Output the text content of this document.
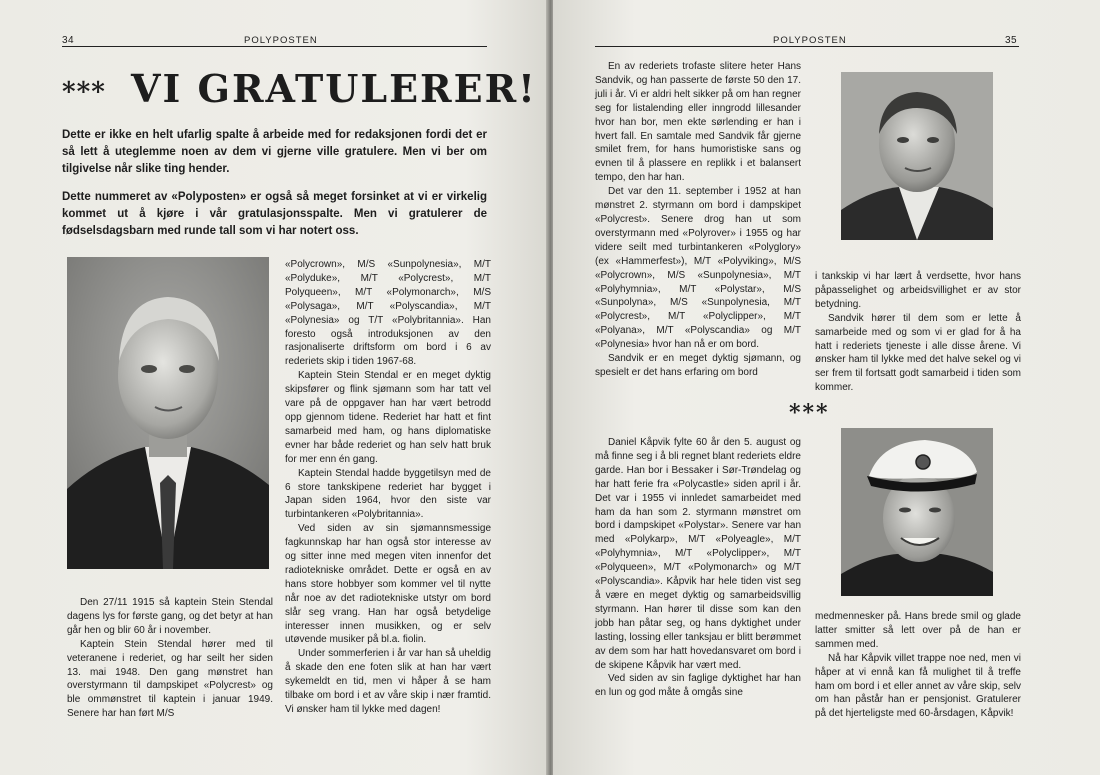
34	POLYPOSTEN
*** VI GRATULERER!

Dette er ikke en helt ufarlig spalte å arbeide med for redaksjonen fordi det er så lett å uteglemme noen av dem vi gjerne ville gratulere. Men vi ber om tilgivelse når slike ting hender.

Dette nummeret av «Polyposten» er også så meget forsinket at vi er virkelig kommet ut å kjøre i vår gratulasjonsspalte. Men vi gratulerer de fødselsdagsbarn med runde tall som vi har notert oss.

Den 27/11 1915 så kaptein Stein Stendal dagens lys for første gang, og det betyr at han går hen og blir 60 år i november.

Kaptein Stein Stendal hører med til veteranene i rederiet, og har seilt her siden 13. mai 1948. Den gang mønstret han overstyrmann til dampskipet «Polycrest» og ble ommønstret til kaptein i januar 1949. Senere har han ført M/S

«Polycrown», M/S «Sunpolynesia», M/T «Polyduke», M/T «Polycrest», M/T Polyqueen», M/T «Polymonarch», M/S «Polysaga», M/T «Polyscandia», M/T «Polynesia» og T/T «Polybritannia». Han foresto også introduksjonen av den rasjonaliserte driftsform om bord i 6 av rederiets skip i tiden 1967-68.

Kaptein Stein Stendal er en meget dyktig skipsfører og flink sjømann som har tatt vel vare på de oppgaver han har vært betrodd opp gjennom tidene. Rederiet har hatt et fint samarbeid med ham, og hans diplomatiske evner har både rederiet og han selv hatt bruk for mer enn én gang.

Kaptein Stendal hadde byggetilsyn med de 6 store tankskipene rederiet har bygget i Japan siden 1964, hvor den siste var turbintankeren «Polybritannia».

Ved siden av sin sjømannsmessige fagkunnskap har han også stor interesse av og sitter inne med megen viten innenfor det radiotekniske området. Dette er også en av hans store hobbyer som kommer vel til nytte når noe av det radiotekniske utstyr om bord slår seg vrang. Han har også betydelige interesser innen musikken, og er selv utøvende musiker på bl.a. fiolin.

Under sommerferien i år var han så uheldig å skade den ene foten slik at han har vært sykemeldt en tid, men vi håper å se ham tilbake om bord i et av våre skip i nær framtid. Vi ønsker ham til lykke med dagen!

POLYPOSTEN	35

En av rederiets trofaste slitere heter Hans Sandvik, og han passerte de første 50 den 17. juli i år. Vi er aldri helt sikker på om han regner seg for listalending eller inngrodd lillesander hvor han bor, men ekte sørlending er han i hvert fall. En samtale med Sandvik får gjerne smilet frem, for hans humoristiske sans og evnen til å plassere en replikk i et balansert tempo, den har han.

Det var den 11. september i 1952 at han mønstret 2. styrmann om bord i dampskipet «Polycrest». Senere drog han ut som overstyrmann med «Polyrover» i 1955 og har videre seilt med turbintankeren «Polyglory» (ex «Hammerfest»), M/T «Polyviking», M/S «Polycrown», M/S «Sunpolynesia», M/T «Polyhymnia», M/T «Polystar», M/S «Sunpolyna», M/S «Sunpolynesia, M/T «Polycrest», M/T «Polyclipper», M/T «Polyana», M/T «Polyscandia» og M/T «Polynesia» hvor han nå er om bord.

Sandvik er en meget dyktig sjømann, og spesielt er det hans erfaring om bord

i tankskip vi har lært å verdsette, hvor hans påpasselighet og arbeidsvillighet er av stor betydning.

Sandvik hører til dem som er lette å samarbeide med og som vi er glad for å ha hatt i rederiets tjeneste i alle disse årene. Vi ønsker ham til lykke med det halve sekel og vi ser frem til fortsatt godt samarbeid i tiden som kommer.

***

Daniel Kåpvik fylte 60 år den 5. august og må finne seg i å bli regnet blant rederiets eldre garde. Han bor i Bessaker i Sør-Trøndelag og har hatt ferie fra «Polycastle» siden april i år. Det var i 1955 vi innledet samarbeidet med ham da han som 2. styrmann mønstret om bord i dampskipet «Polystar». Senere var han med «Polykarp», M/T «Polyeagle», M/T «Polyhymnia», M/T «Polyclipper», M/T «Polyqueen», M/T «Polymonarch» og M/T «Polyscandia». Kåpvik har hele tiden vist seg å være en meget dyktig og samarbeidsvillig styrmann. Han hører til disse som kan den jobb han påtar seg, og hans dyktighet under lasting, lossing eller tanksjau er blitt berømmet av dem som har hatt hovedansvaret om bord i de skipene Kåpvik har vært med.

Ved siden av sin faglige dyktighet har han en lun og god måte å omgås sine

medmennesker på. Hans brede smil og glade latter smitter så lett over på de han er sammen med.

Nå har Kåpvik villet trappe noe ned, men vi håper at vi ennå kan få mulighet til å treffe ham om bord i et eller annet av våre skip, selv om han påstår han er pensjonist. Gratulerer på det hjerteligste med 60-årsdagen, Kåpvik!
